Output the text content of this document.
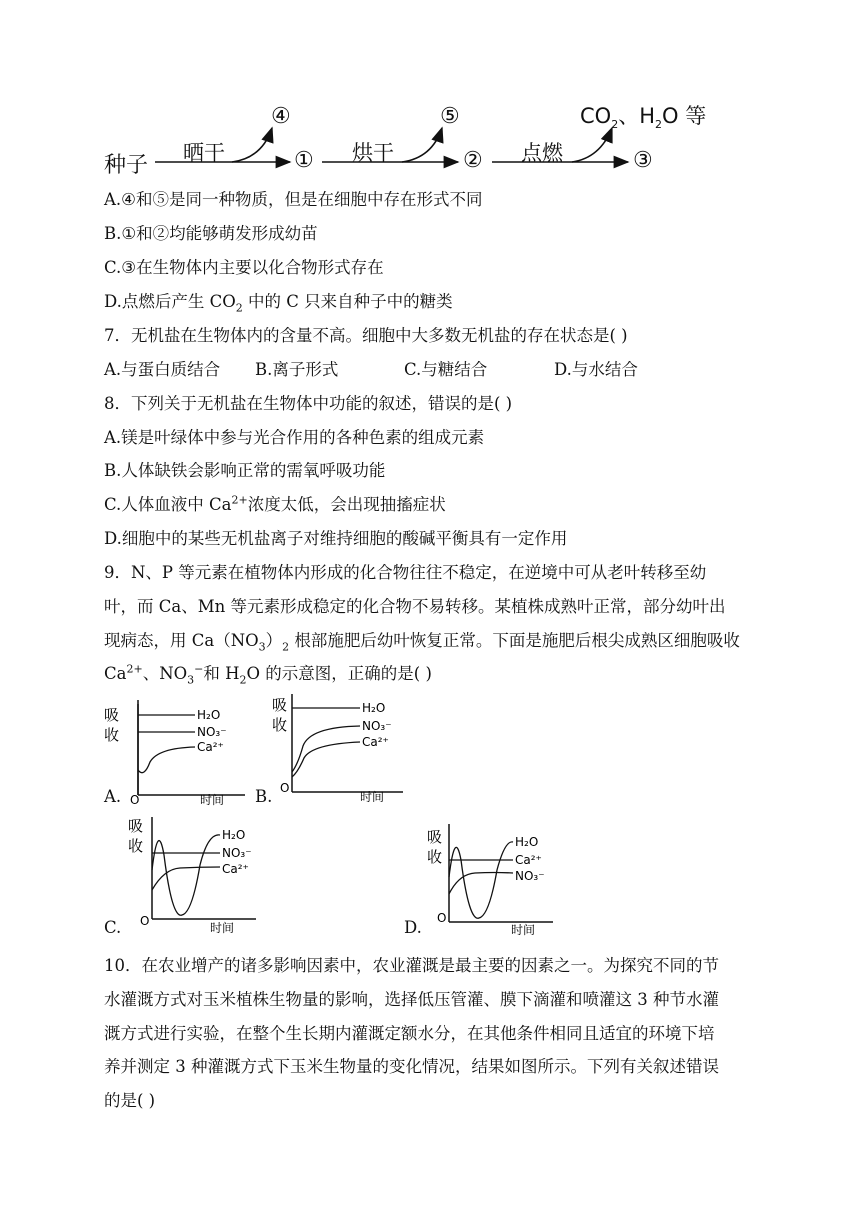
种子 晒干	烘干	点燃
④	⑤
①	②	③
$CO_2$、$H_2O$ 等
A.④和⑤是同一种物质，但是在细胞中存在形式不同
B.①和②均能够萌发形成幼苗
C.③在生物体内主要以化合物形式存在
D.点燃后产生 $CO_2$ 中的 C 只来自种子中的糖类
7．无机盐在生物体内的含量不高。细胞中大多数无机盐的存在状态是( )
A.与蛋白质结合 B.离子形式	C.与糖结合	D.与水结合
8．下列关于无机盐在生物体中功能的叙述，错误的是( )
A.镁是叶绿体中参与光合作用的各种色素的组成元素
B.人体缺铁会影响正常的需氧呼吸功能
C.人体血液中 $Ca^{2+}$浓度太低，会出现抽搐症状
D.细胞中的某些无机盐离子对维持细胞的酸碱平衡具有一定作用
9．N、P 等元素在植物体内形成的化合物往往不稳定，在逆境中可从老叶转移至幼
叶，而 Ca、Mn 等元素形成稳定的化合物不易转移。某植株成熟叶正常，部分幼叶出
现病态，用 $Ca(NO_3)_2$ 根部施肥后幼叶恢复正常。下面是施肥后根尖成熟区细胞吸收
$Ca^{2+}$、$NO_3^-$和 $H_2O$ 的示意图，正确的是( )
吸
收
H₂O
NO₃⁻
Ca²⁺
O	时间
A.
吸
收
H₂O
NO₃⁻
Ca²⁺
O
时间
B.
吸
收
H₂O
NO₃⁻
Ca²⁺
O	时间
C.
吸
收
H₂O
Ca²⁺
NO₃⁻
O
时间
D.
10．在农业增产的诸多影响因素中，农业灌溉是最主要的因素之一。为探究不同的节
水灌溉方式对玉米植株生物量的影响，选择低压管灌、膜下滴灌和喷灌这 3 种节水灌
溉方式进行实验，在整个生长期内灌溉定额水分，在其他条件相同且适宜的环境下培
养并测定 3 种灌溉方式下玉米生物量的变化情况，结果如图所示。下列有关叙述错误
的是( )
